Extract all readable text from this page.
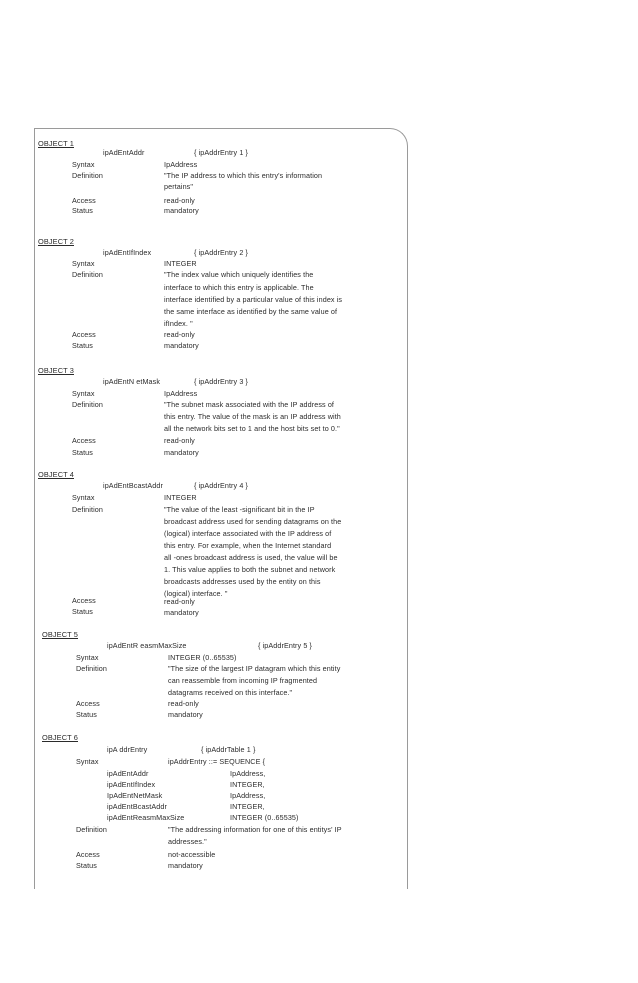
OBJECT 1
ipAdEntAddr	{ ipAddrEntry 1 }
Syntax	IpAddress
Definition	"The IP address to which this entry's information
pertains"
Access	read-only
Status	mandatory
OBJECT 2
ipAdEntIfIndex	{ ipAddrEntry 2 }
Syntax	INTEGER
Definition	"The index value which uniquely identifies the
interface to which this entry is applicable. The
interface identified by a particular value of this index is
the same interface as identified by the same value of
ifIndex. "
Access	read-only
Status	mandatory
OBJECT 3
ipAdEntN etMask	{ ipAddrEntry 3 }
Syntax	IpAddress
Definition	"The subnet mask associated with the IP address of
this entry. The value of the mask is an IP address with
all the network bits set to 1 and the host bits set to 0."
Access	read-only
Status	mandatory
OBJECT 4
ipAdEntBcastAddr	{ ipAddrEntry 4 }
Syntax	INTEGER
Definition	"The value of the least -significant bit in the IP
broadcast address used for sending datagrams on the
(logical) interface associated with the IP address of
this entry. For example, when the Internet standard
all -ones broadcast address is used, the value will be
1. This value applies to both the subnet and network
broadcasts addresses used by the entity on this
(logical) interface. "
Access	read-only
Status	mandatory
OBJECT 5
ipAdEntR easmMaxSize	{ ipAddrEntry 5 }
Syntax	INTEGER (0..65535)
Definition	"The size of the largest IP datagram which this entity
can reassemble from incoming IP fragmented
datagrams received on this interface."
Access	read-only
Status	mandatory
OBJECT 6
ipA ddrEntry	{ ipAddrTable 1 }
Syntax	ipAddrEntry ::= SEQUENCE {
ipAdEntAddr	IpAddress,
ipAdEntIfIndex	INTEGER,
IpAdEntNetMask	IpAddress,
ipAdEntBcastAddr	INTEGER,
ipAdEntReasmMaxSize	INTEGER (0..65535)
Definition	"The addressing information for one of this entitys' IP
addresses."
Access	not-accessible
Status	mandatory
